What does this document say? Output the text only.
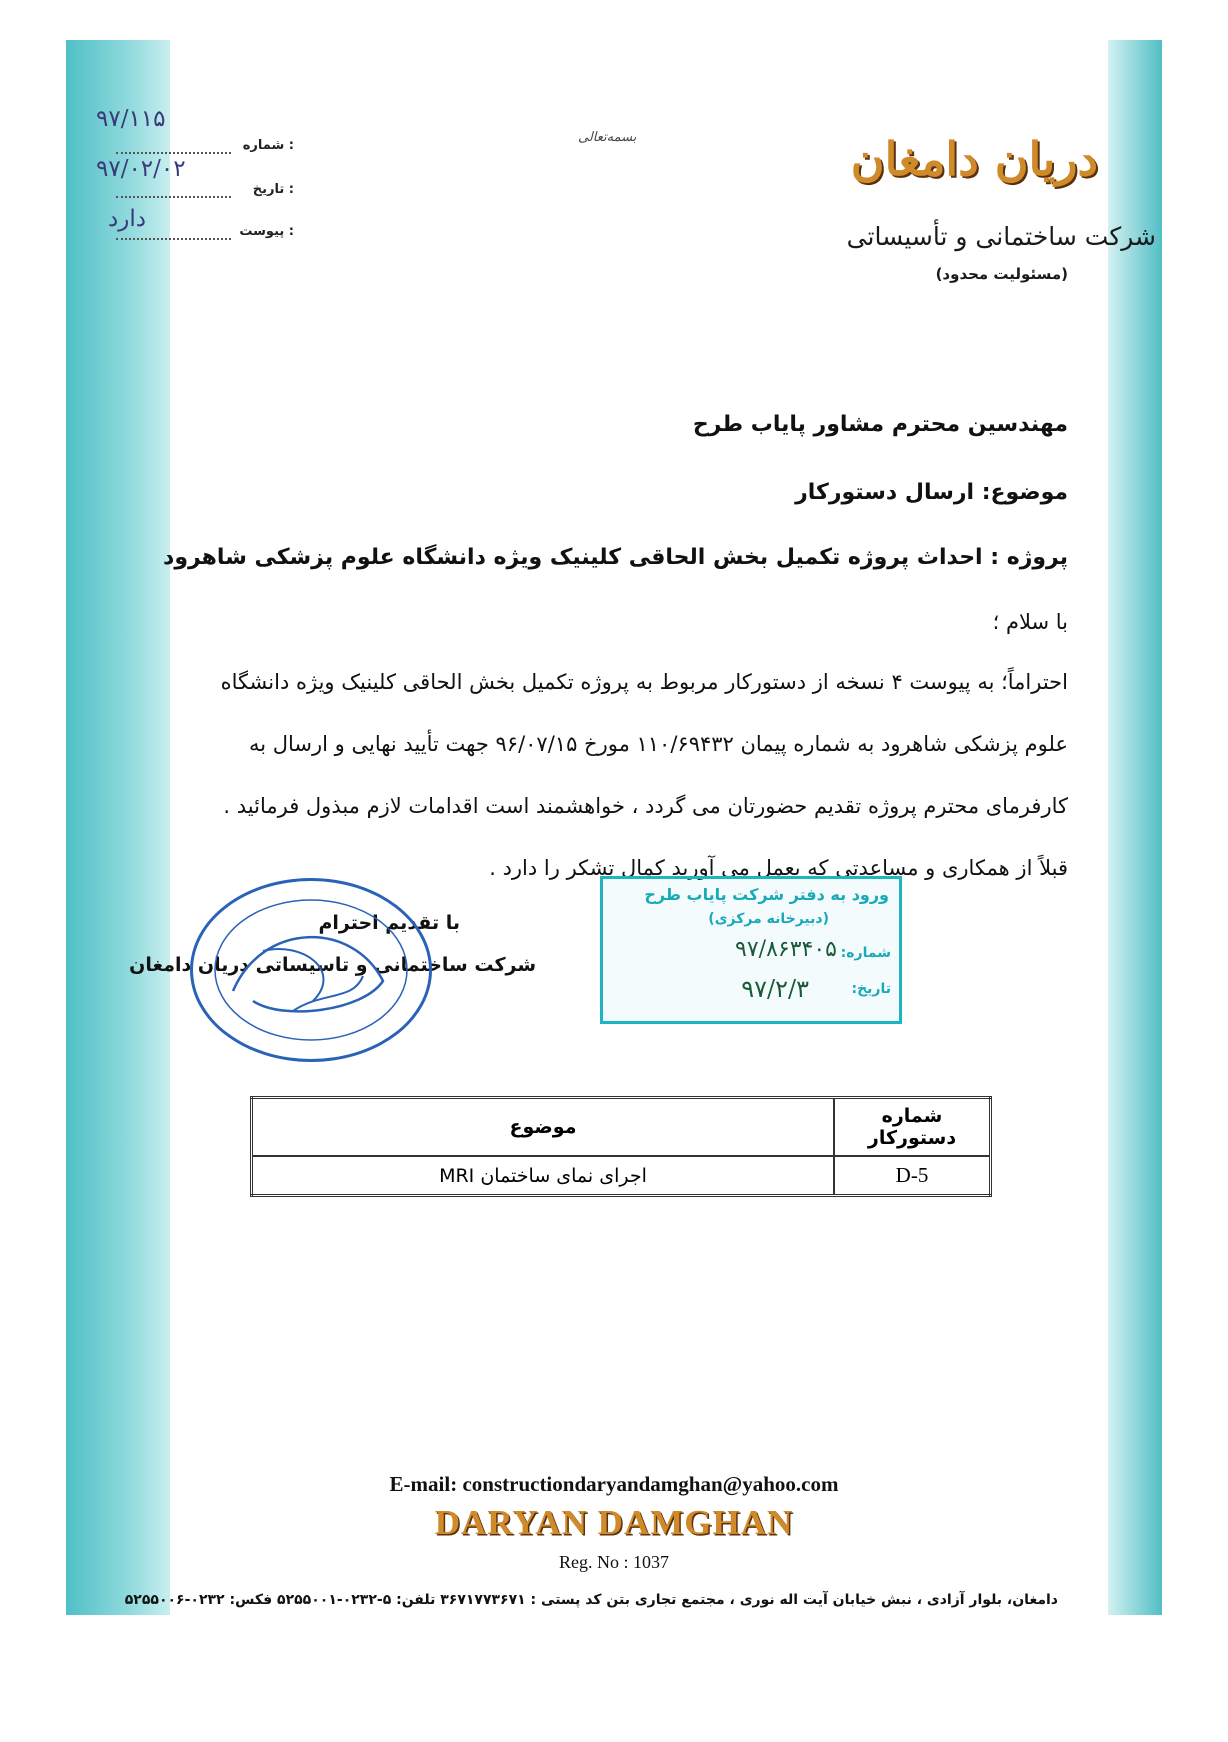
بسمه‌تعالی	دریان دامغان
شرکت ساختمانی و تأسیساتی
(مسئولیت محدود)
۹۷/۱۱۵
شماره :
۹۷/۰۲/۰۲
تاریخ :
دارد	پیوست :
مهندسین محترم مشاور پایاب طرح
موضوع: ارسال دستورکار
پروژه : احداث پروژه تکمیل بخش الحاقی کلینیک ویژه دانشگاه علوم پزشکی شاهرود
با سلام ؛
احتراماً؛ به پیوست ۴ نسخه از دستورکار مربوط به پروژه تکمیل بخش الحاقی کلینیک ویژه دانشگاه
علوم پزشکی شاهرود به شماره پیمان ۱۱۰/۶۹۴۳۲ مورخ ۹۶/۰۷/۱۵ جهت تأیید نهایی و ارسال به
کارفرمای محترم پروژه تقدیم حضورتان می گردد ، خواهشمند است اقدامات لازم مبذول فرمائید .
قبلاً از همکاری و مساعدتی که بعمل می آورید کمال تشکر را دارد .
با تقدیم احترام
شرکت ساختمانی و تاسیساتی دریان دامغان
ورود به دفتر شرکت پایاب طرح
(دبیرخانه مرکزی)
شماره:
۹۷/۸۶۳۴۰۵
تاریخ:
۹۷/۲/۳
شماره دستورکار	موضوع
D-5	اجرای نمای ساختمان MRI
E-mail: constructiondaryandamghan@yahoo.com
DARYAN DAMGHAN
Reg. No : 1037
دامغان، بلوار آزادی ، نبش خیابان آیت اله نوری ، مجتمع تجاری بتن کد پستی : ۳۶۷۱۷۷۳۶۷۱ تلفن: ۵-۰۲۳۲-۵۲۵۵۰۰۱ فکس: ۰۲۳۲-۵۲۵۵۰۰۶
